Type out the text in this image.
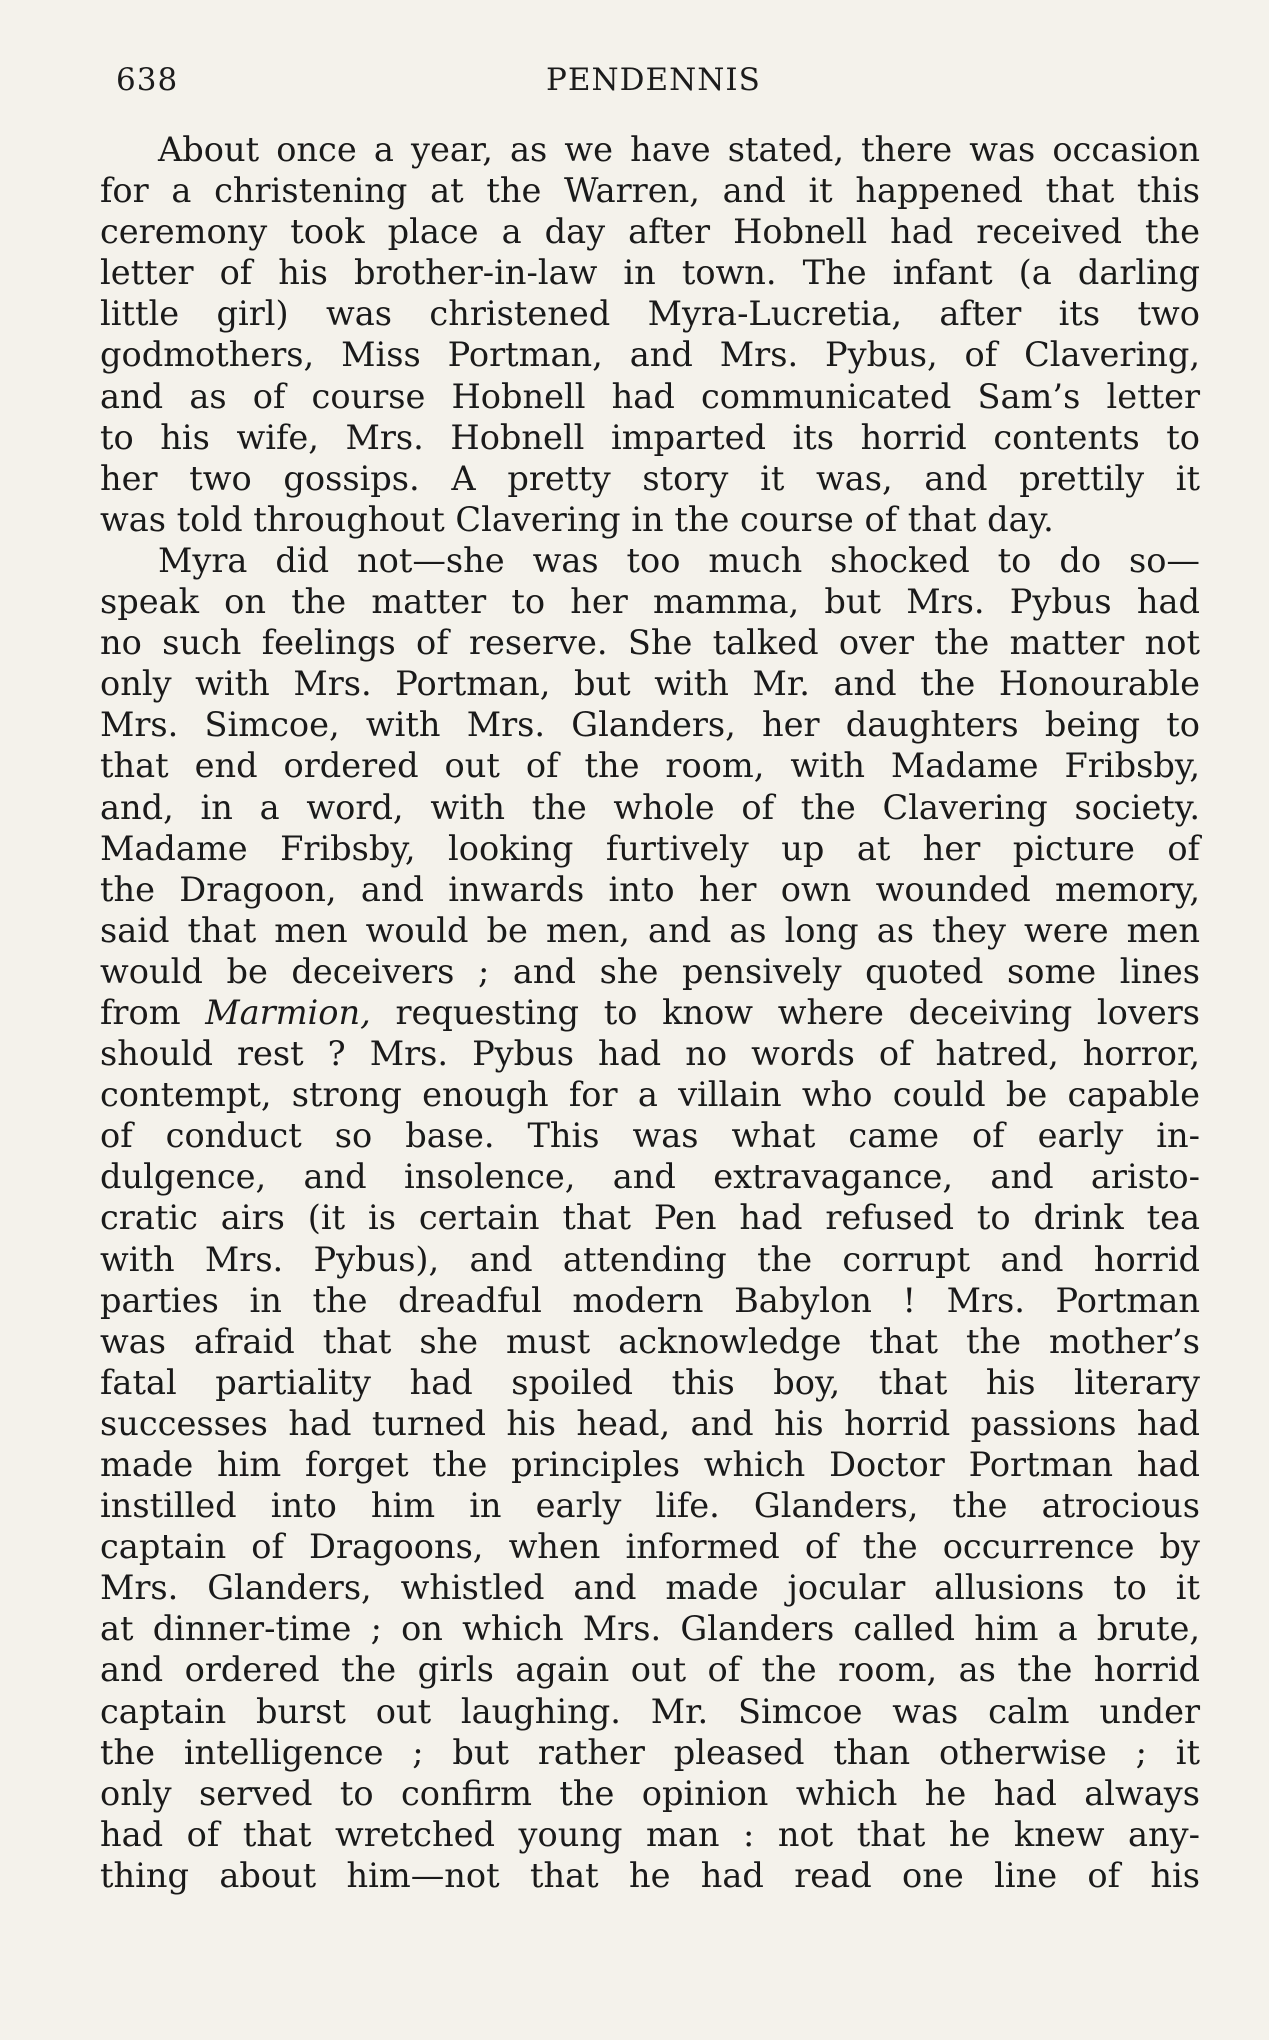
638	PENDENNIS
About once a year, as we have stated, there was occasion
for a christening at the Warren, and it happened that this
ceremony took place a day after Hobnell had received the
letter of his brother-in-law in town. The infant (a darling
little girl) was christened Myra-Lucretia, after its two
godmothers, Miss Portman, and Mrs. Pybus, of Clavering,
and as of course Hobnell had communicated Sam’s letter
to his wife, Mrs. Hobnell imparted its horrid contents to
her two gossips. A pretty story it was, and prettily it
was told throughout Clavering in the course of that day.
Myra did not—she was too much shocked to do so—
speak on the matter to her mamma, but Mrs. Pybus had
no such feelings of reserve. She talked over the matter not
only with Mrs. Portman, but with Mr. and the Honourable
Mrs. Simcoe, with Mrs. Glanders, her daughters being to
that end ordered out of the room, with Madame Fribsby,
and, in a word, with the whole of the Clavering society.
Madame Fribsby, looking furtively up at her picture of
the Dragoon, and inwards into her own wounded memory,
said that men would be men, and as long as they were men
would be deceivers ; and she pensively quoted some lines
from Marmion, requesting to know where deceiving lovers
should rest ? Mrs. Pybus had no words of hatred, horror,
contempt, strong enough for a villain who could be capable
of conduct so base. This was what came of early in-
dulgence, and insolence, and extravagance, and aristo-
cratic airs (it is certain that Pen had refused to drink tea
with Mrs. Pybus), and attending the corrupt and horrid
parties in the dreadful modern Babylon ! Mrs. Portman
was afraid that she must acknowledge that the mother’s
fatal partiality had spoiled this boy, that his literary
successes had turned his head, and his horrid passions had
made him forget the principles which Doctor Portman had
instilled into him in early life. Glanders, the atrocious
captain of Dragoons, when informed of the occurrence by
Mrs. Glanders, whistled and made jocular allusions to it
at dinner-time ; on which Mrs. Glanders called him a brute,
and ordered the girls again out of the room, as the horrid
captain burst out laughing. Mr. Simcoe was calm under
the intelligence ; but rather pleased than otherwise ; it
only served to confirm the opinion which he had always
had of that wretched young man : not that he knew any-
thing about him—not that he had read one line of his
